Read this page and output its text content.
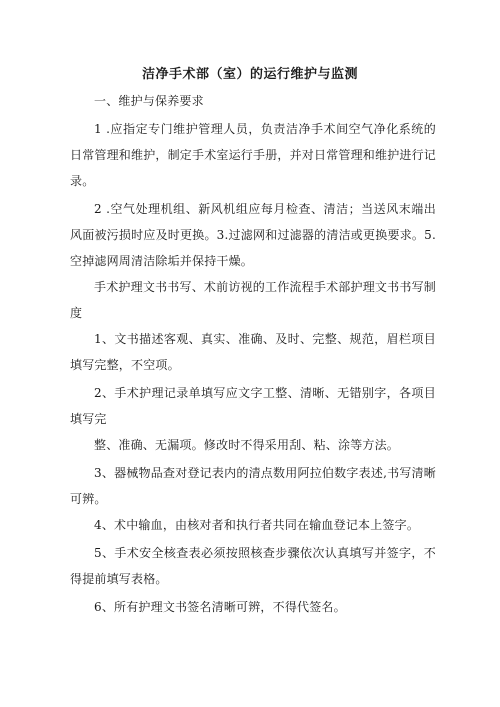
洁净手术部（室）的运行维护与监测

一、维护与保养要求

1 .应指定专门维护管理人员，负责洁净手术间空气净化系统的日常管理和维护，制定手术室运行手册，并对日常管理和维护进行记录。

2 .空气处理机组、新风机组应每月检查、清洁；当送风末端出风面被污损时应及时更换。3.过滤网和过滤器的清洁或更换要求。5.空掉滤网周清洁除垢并保持干燥。

手术护理文书书写、术前访视的工作流程手术部护理文书书写制度

1、文书描述客观、真实、准确、及时、完整、规范，眉栏项目填写完整，不空项。

2、手术护理记录单填写应文字工整、清晰、无错别字，各项目填写完

整、准确、无漏项。修改时不得采用刮、粘、涂等方法。

3、器械物品查对登记表内的清点数用阿拉伯数字表述,书写清晰可辨。

4、术中输血，由核对者和执行者共同在输血登记本上签字。

5、手术安全核查表必须按照核查步骤依次认真填写并签字，不得提前填写表格。

6、所有护理文书签名清晰可辨，不得代签名。
